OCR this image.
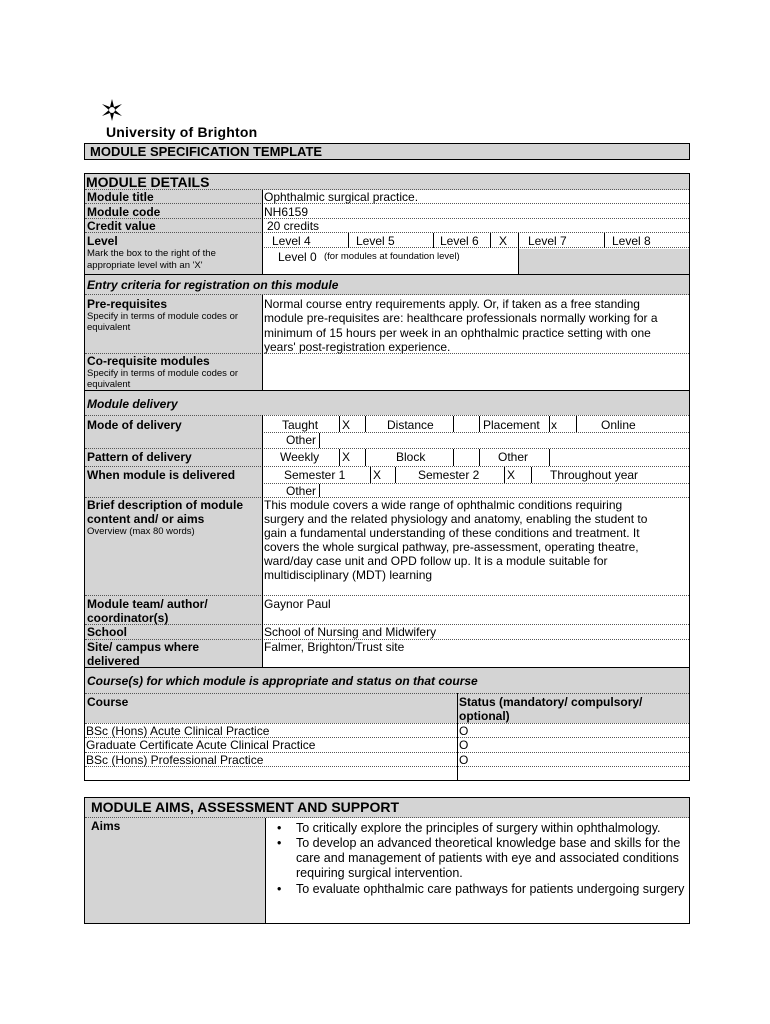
University of Brighton
MODULE SPECIFICATION TEMPLATE
MODULE DETAILS
Module title	Ophthalmic surgical practice.
Module code	NH6159
Credit value	20 credits
Level
Mark the box to the right of the
appropriate level with an 'X'
Level 4	Level 5	Level 6 X Level 7	Level 8
Level 0 (for modules at foundation level)
Entry criteria for registration on this module
Pre-requisites
Specify in terms of module codes or
equivalent
Normal course entry requirements apply. Or, if taken as a free standing
module pre-requisites are: healthcare professionals normally working for a
minimum of 15 hours per week in an ophthalmic practice setting with one
years' post-registration experience.
Co-requisite modules
Specify in terms of module codes or
equivalent
Module delivery
Mode of delivery	Taught X	Distance	Placement x	Online
Other
Pattern of delivery	Weekly X	Block	Other
When module is delivered	Semester 1 X	Semester 2 X	Throughout year
Other
Brief description of module
content and/ or aims
Overview (max 80 words)
This module covers a wide range of ophthalmic conditions requiring
surgery and the related physiology and anatomy, enabling the student to
gain a fundamental understanding of these conditions and treatment. It
covers the whole surgical pathway, pre-assessment, operating theatre,
ward/day case unit and OPD follow up. It is a module suitable for
multidisciplinary (MDT) learning
Module team/ author/
coordinator(s)
Gaynor Paul
School	School of Nursing and Midwifery
Site/ campus where
delivered
Falmer, Brighton/Trust site
Course(s) for which module is appropriate and status on that course
Course	Status (mandatory/ compulsory/
optional)
BSc (Hons) Acute Clinical Practice	O
Graduate Certificate Acute Clinical Practice	O
BSc (Hons) Professional Practice	O
MODULE AIMS, ASSESSMENT AND SUPPORT
Aims
•	To critically explore the principles of surgery within ophthalmology.
• To develop an advanced theoretical knowledge base and skills for the care and management of patients with eye and associated conditions requiring surgical intervention.
• To evaluate ophthalmic care pathways for patients undergoing surgery
